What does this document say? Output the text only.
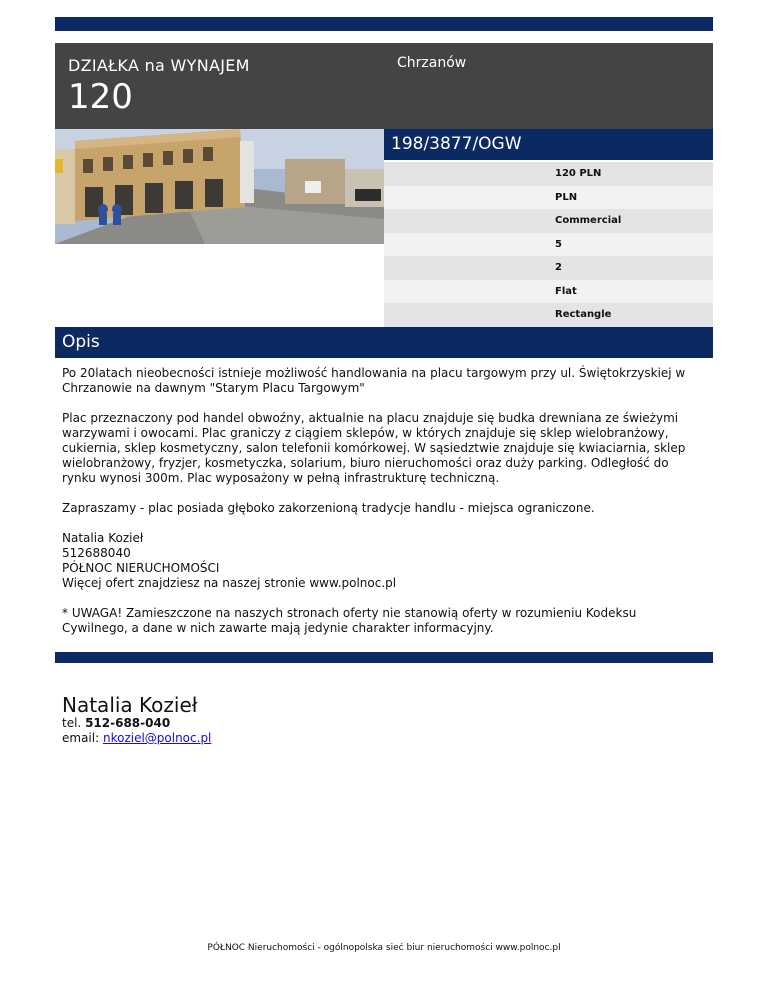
DZIAŁKA na WYNAJEM
120
Chrzanów
198/3877/OGW
120 PLN
PLN
Commercial
5
2
Flat
Rectangle
Opis

Po 20latach nieobecności istnieje możliwość handlowania na placu targowym przy ul. Świętokrzyskiej w Chrzanowie na dawnym "Starym Placu Targowym"

Plac przeznaczony pod handel obwoźny, aktualnie na placu znajduje się budka drewniana ze świeżymi warzywami i owocami. Plac graniczy z ciągiem sklepów, w których znajduje się sklep wielobranżowy, cukiernia, sklep kosmetyczny, salon telefonii komórkowej. W sąsiedztwie znajduje się kwiaciarnia, sklep wielobranżowy, fryzjer, kosmetyczka, solarium, biuro nieruchomości oraz duży parking. Odległość do rynku wynosi 300m. Plac wyposażony w pełną infrastrukturę techniczną.

Zapraszamy - plac posiada głęboko zakorzenioną tradycje handlu - miejsca ograniczone.

Natalia Kozieł
512688040
PÓŁNOC NIERUCHOMOŚCI
Więcej ofert znajdziesz na naszej stronie www.polnoc.pl

* UWAGA! Zamieszczone na naszych stronach oferty nie stanowią oferty w rozumieniu Kodeksu Cywilnego, a dane w nich zawarte mają jedynie charakter informacyjny.

Natalia Kozieł
tel. 512-688-040
email: nkoziel@polnoc.pl
PÓŁNOC Nieruchomości - ogólnopolska sieć biur nieruchomości www.polnoc.pl
